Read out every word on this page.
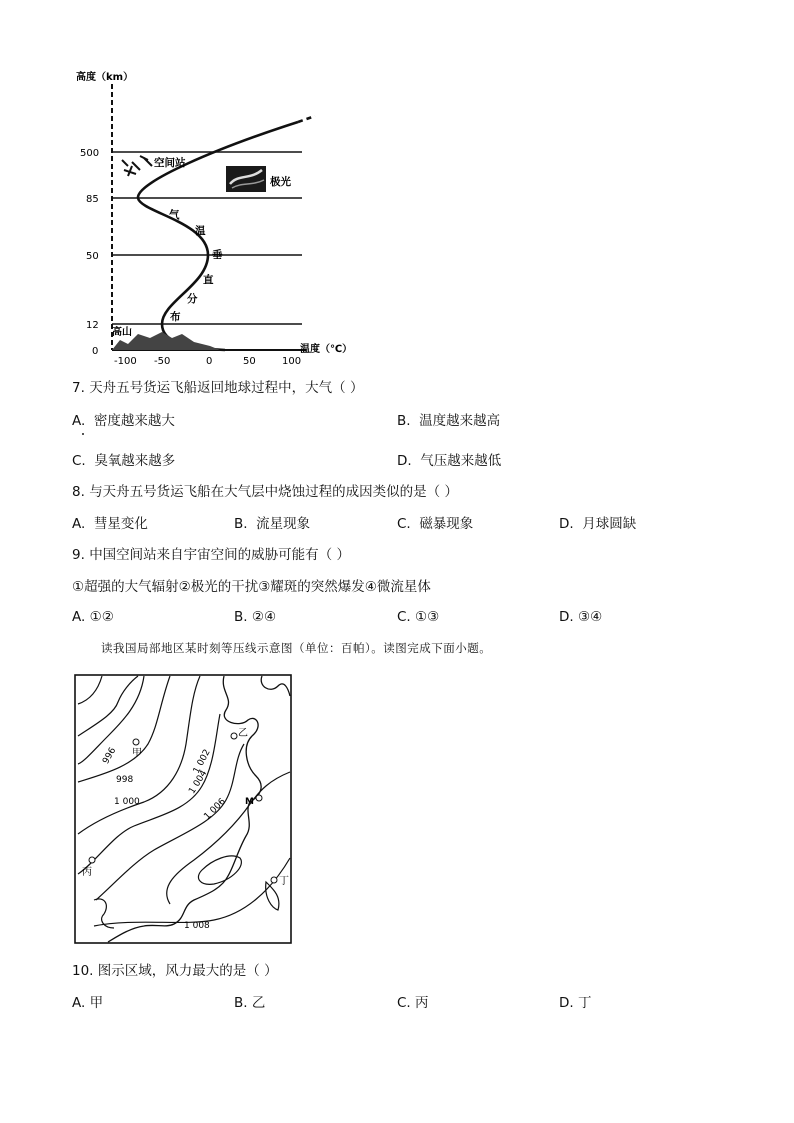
高度（km）
温度（℃）
500
85
50
12
0
-100 -50	0	50	100
高山
空间站
极光
气
温
垂
直
分
布
7. 天舟五号货运飞船返回地球过程中，大气（ ）
A. 密度越来越大	B. 温度越来越高
C. 臭氧越来越多	D. 气压越来越低
8. 与天舟五号货运飞船在大气层中烧蚀过程的成因类似的是（ ）
A. 彗星变化	B. 流星现象	C. 磁暴现象	D. 月球圆缺
9. 中国空间站来自宇宙空间的威胁可能有（ ）
①超强的大气辐射②极光的干扰③耀斑的突然爆发④微流星体
A. ①②	B. ②④	C. ①③	D. ③④
读我国局部地区某时刻等压线示意图（单位：百帕）。读图完成下面小题。
996
998
1 000
1 002
1 004
1 006
1 008
甲
乙
丙
丁
M
10. 图示区域，风力最大的是（ ）
A. 甲	B. 乙	C. 丙	D. 丁
